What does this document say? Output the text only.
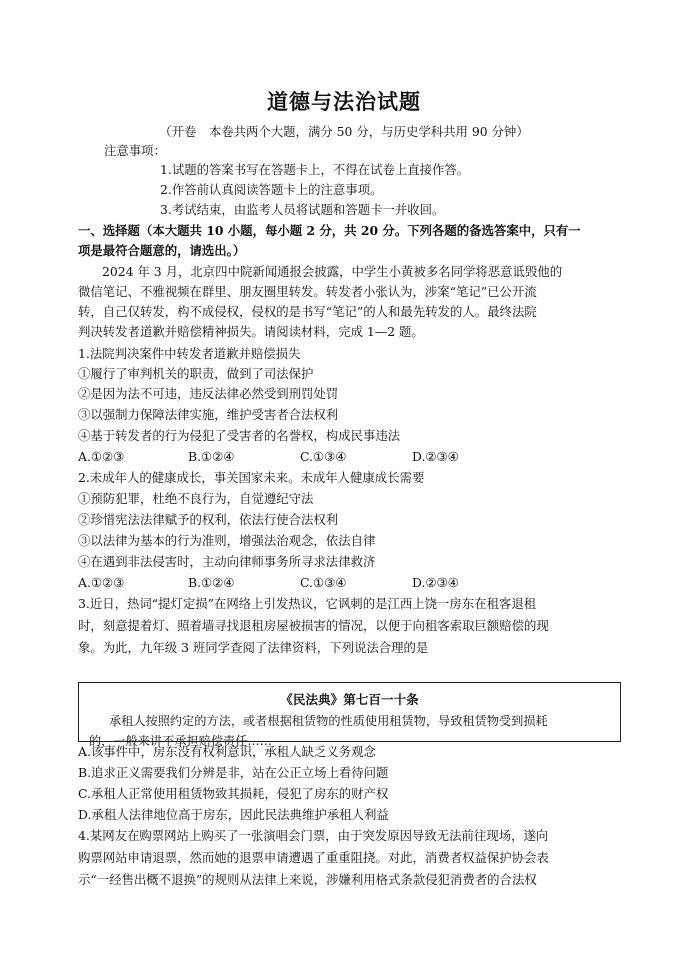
道德与法治试题
（开卷　本卷共两个大题，满分 50 分，与历史学科共用 90 分钟）
注意事项：
1.试题的答案书写在答题卡上，不得在试卷上直接作答。
2.作答前认真阅读答题卡上的注意事项。
3.考试结束，由监考人员将试题和答题卡一并收回。
一、选择题（本大题共 10 小题，每小题 2 分，共 20 分。下列各题的备选答案中，只有一
项是最符合题意的，请选出。）
2024 年 3 月，北京四中院新闻通报会披露，中学生小黄被多名同学将恶意诋毁他的
微信笔记、不雅视频在群里、朋友圈里转发。转发者小张认为，涉案“笔记”已公开流
转，自己仅转发，构不成侵权，侵权的是书写“笔记”的人和最先转发的人。最终法院
判决转发者道歉并赔偿精神损失。请阅读材料，完成 1—2 题。
1.法院判决案件中转发者道歉并赔偿损失
①履行了审判机关的职责，做到了司法保护
②是因为法不可违，违反法律必然受到刑罚处罚
③以强制力保障法律实施，维护受害者合法权利
④基于转发者的行为侵犯了受害者的名誉权，构成民事违法
A.①②③	B.①②④	C.①③④	D.②③④
2.未成年人的健康成长，事关国家未来。未成年人健康成长需要
①预防犯罪，杜绝不良行为，自觉遵纪守法
②珍惜宪法法律赋予的权利，依法行使合法权利
③以法律为基本的行为准则，增强法治观念，依法自律
④在遇到非法侵害时，主动向律师事务所寻求法律救济
A.①②③	B.①②④	C.①③④	D.②③④
3.近日，热词“提灯定损”在网络上引发热议，它讽刺的是江西上饶一房东在租客退租
时，刻意提着灯、照着墙寻找退租房屋被损害的情况，以便于向租客索取巨额赔偿的现
象。为此，九年级 3 班同学查阅了法律资料，下列说法合理的是
《民法典》第七百一十条
承租人按照约定的方法，或者根据租赁物的性质使用租赁物，导致租赁物受到损耗
的，一般来讲不承担赔偿责任……
A.该事件中，房东没有权利意识，承租人缺乏义务观念
B.追求正义需要我们分辨是非，站在公正立场上看待问题
C.承租人正常使用租赁物致其损耗，侵犯了房东的财产权
D.承租人法律地位高于房东，因此民法典维护承租人利益
4.某网友在购票网站上购买了一张演唱会门票，由于突发原因导致无法前往现场，遂向
购票网站申请退票，然而她的退票申请遭遇了重重阻挠。对此，消费者权益保护协会表
示“一经售出概不退换”的规则从法律上来说，涉嫌利用格式条款侵犯消费者的合法权
